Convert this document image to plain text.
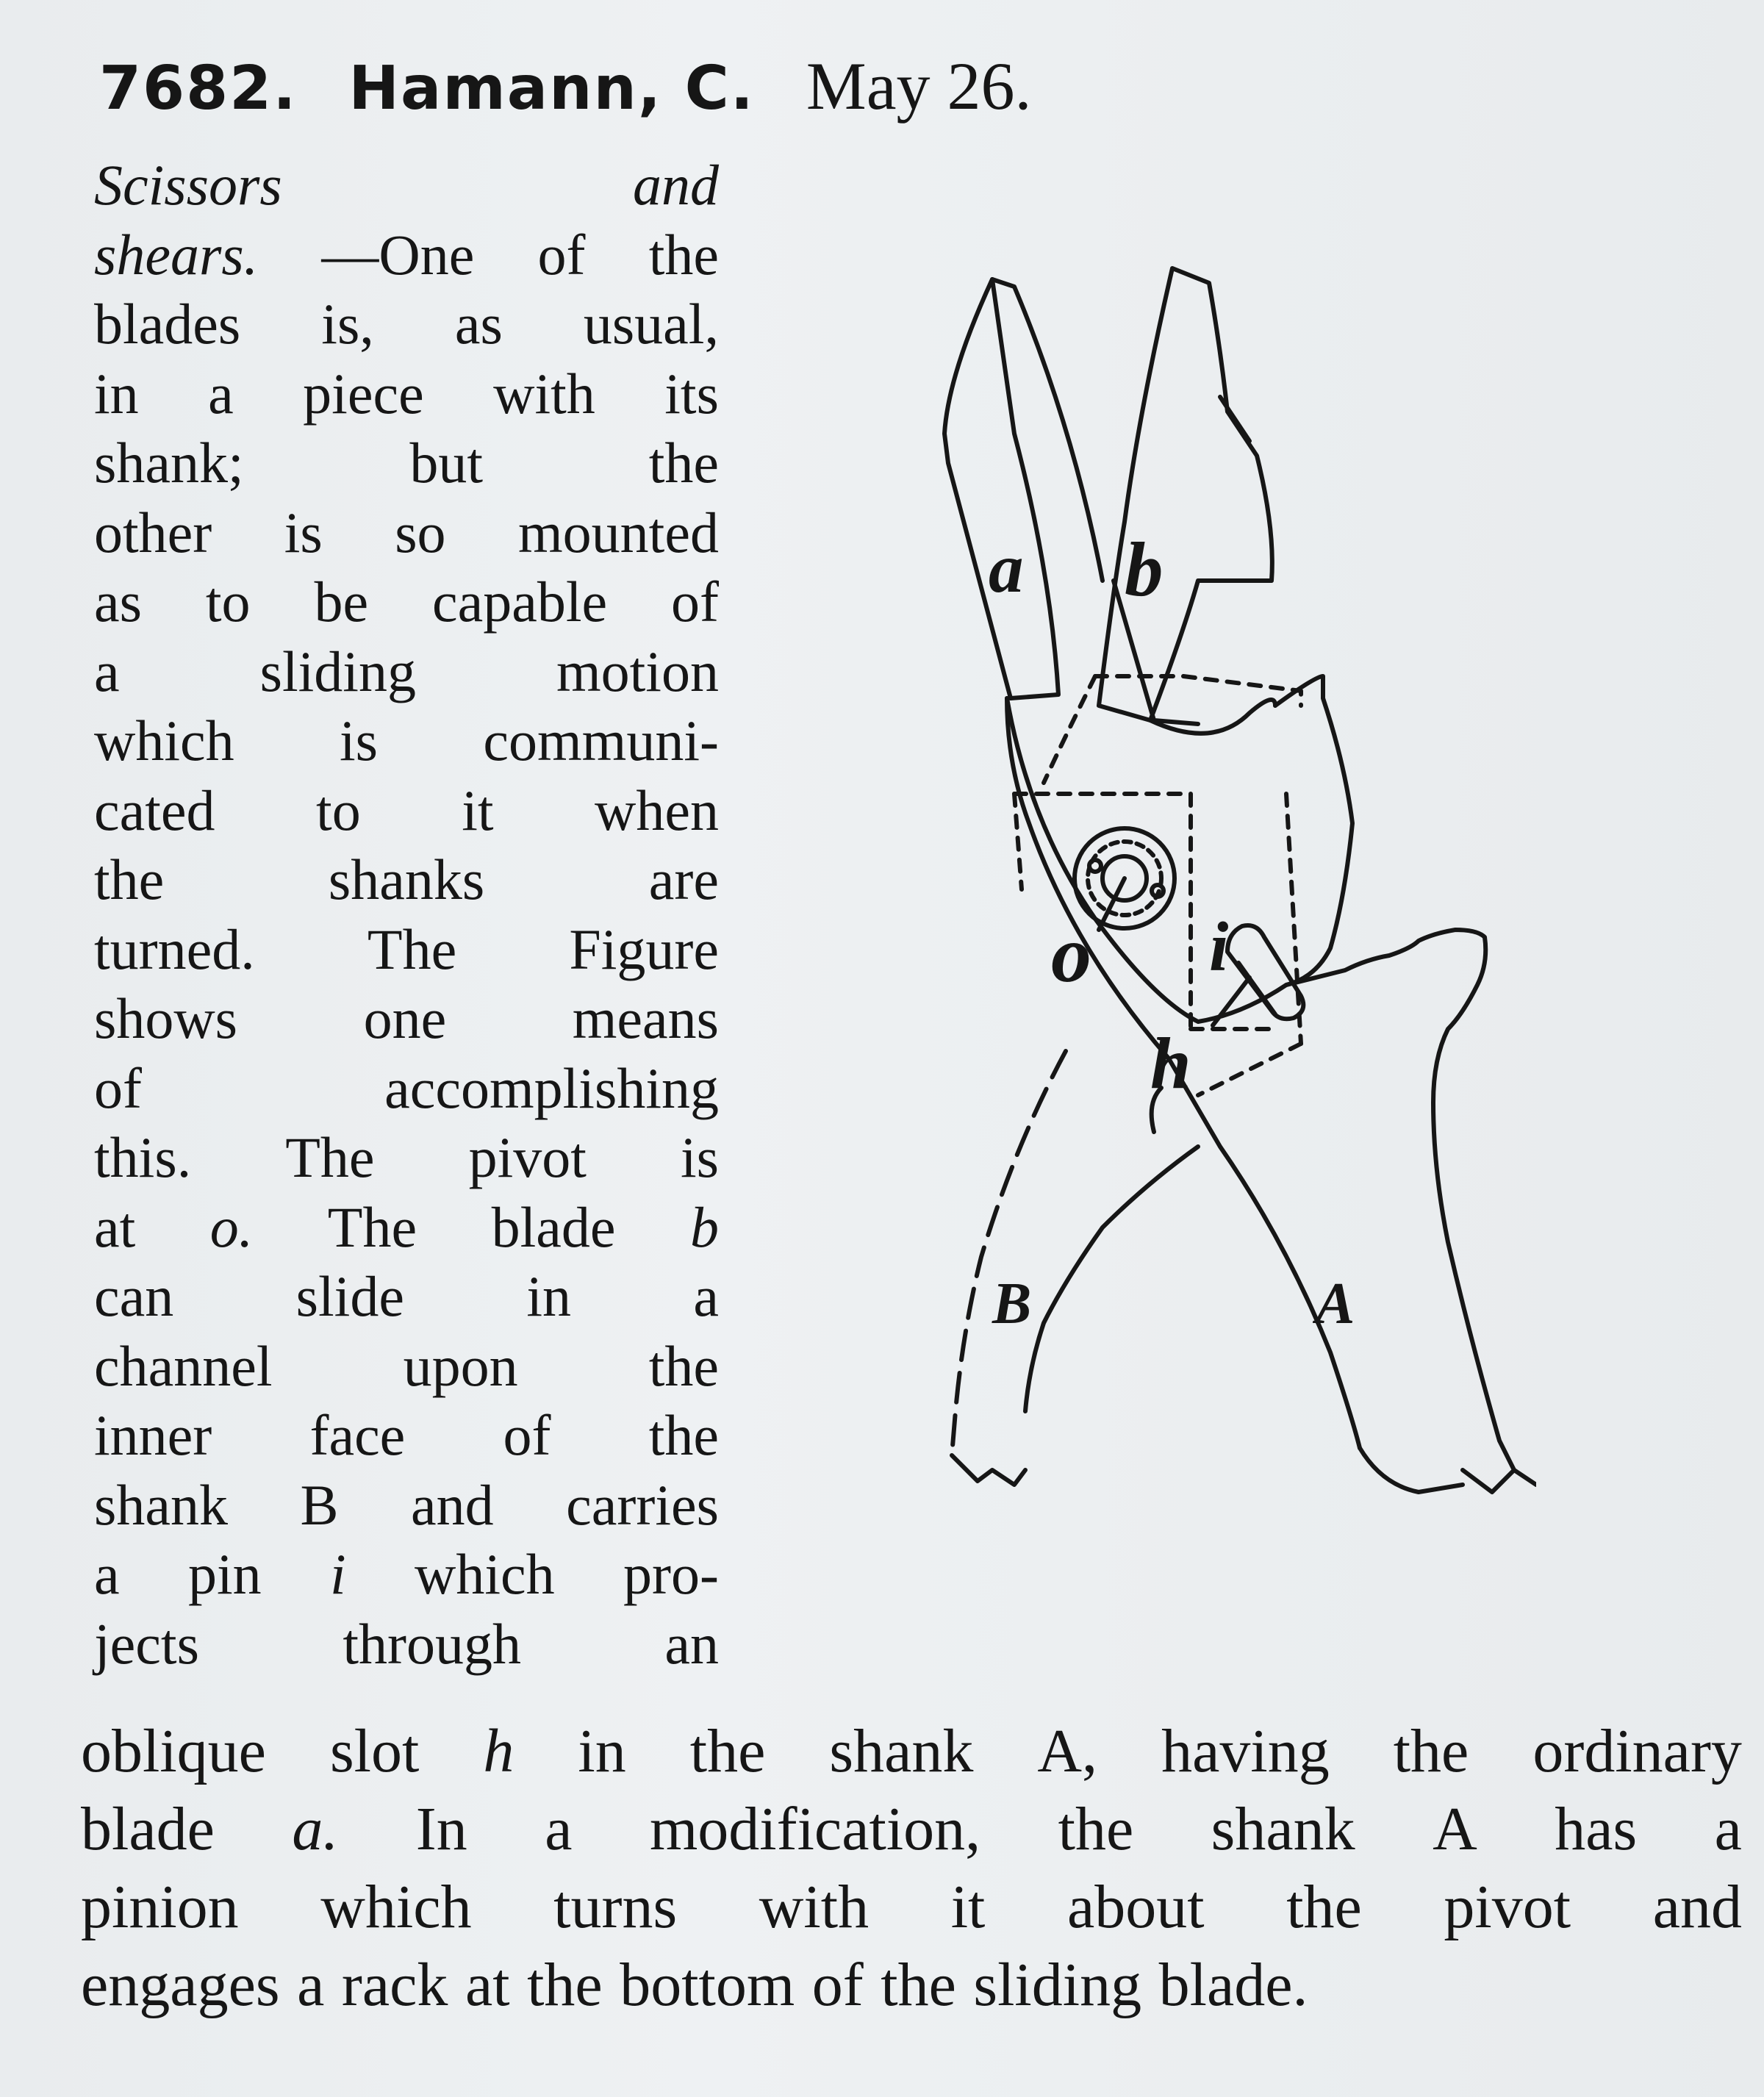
7682. Hamann, C. May 26.
Scissors	and
shears. —One of the
blades is, as usual,
in a piece with its
shank;	but	the
other is so mounted
as to be capable of
a sliding motion
which is communi-
cated to it when
the	shanks	are
turned. The Figure
shows one means
of	accomplishing
this. The pivot is
at o. The blade b
can slide in a
channel upon the
inner face of the
shank B and carries
a pin i which pro-
jects	through	an
a b
o i
h
B	A
oblique slot h in the shank A, having the ordinary
blade a. In a modification, the shank A has a
pinion which turns with it about the pivot and
engages a rack at the bottom of the sliding blade.
